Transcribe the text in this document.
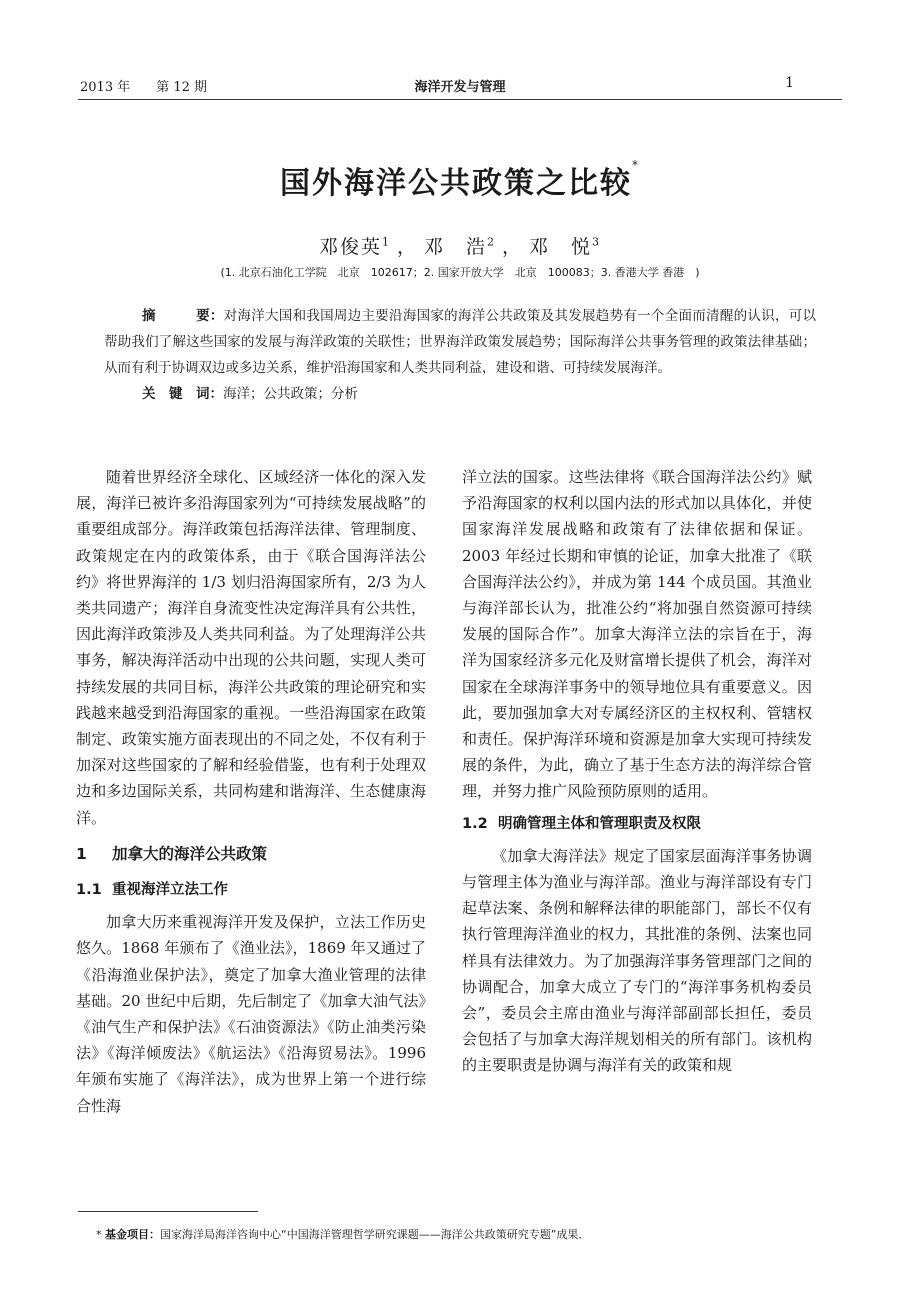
2013 年 第 12 期	海洋开发与管理	1
国外海洋公共政策之比较*
邓俊英$^1$ ， 邓　浩$^2$ ， 邓　悦$^3$
(1. 北京石油化工学院　北京　102617；2. 国家开放大学　北京　100083；3. 香港大学 香港　)
摘	要：对海洋大国和我国周边主要沿海国家的海洋公共政策及其发展趋势有一个全面而清醒的认识，可以帮助我们了解这些国家的发展与海洋政策的关联性；世界海洋政策发展趋势；国际海洋公共事务管理的政策法律基础；从而有利于协调双边或多边关系，维护沿海国家和人类共同利益，建设和谐、可持续发展海洋。
关　键　词：海洋；公共政策；分析

随着世界经济全球化、区域经济一体化的深入发展，海洋已被许多沿海国家列为“可持续发展战略”的重要组成部分。海洋政策包括海洋法律、管理制度、政策规定在内的政策体系，由于《联合国海洋法公约》将世界海洋的 1/3 划归沿海国家所有，2/3 为人类共同遗产；海洋自身流变性决定海洋具有公共性，因此海洋政策涉及人类共同利益。为了处理海洋公共事务，解决海洋活动中出现的公共问题，实现人类可持续发展的共同目标，海洋公共政策的理论研究和实践越来越受到沿海国家的重视。一些沿海国家在政策制定、政策实施方面表现出的不同之处，不仅有利于加深对这些国家的了解和经验借鉴，也有利于处理双边和多边国际关系，共同构建和谐海洋、生态健康海洋。

1 加拿大的海洋公共政策
1.1 重视海洋立法工作

加拿大历来重视海洋开发及保护，立法工作历史悠久。1868 年颁布了《渔业法》，1869 年又通过了《沿海渔业保护法》，奠定了加拿大渔业管理的法律基础。20 世纪中后期，先后制定了《加拿大油气法》《油气生产和保护法》《石油资源法》《防止油类污染法》《海洋倾废法》《航运法》《沿海贸易法》。1996 年颁布实施了《海洋法》，成为世界上第一个进行综合性海

洋立法的国家。这些法律将《联合国海洋法公约》赋予沿海国家的权利以国内法的形式加以具体化，并使国家海洋发展战略和政策有了法律依据和保证。2003 年经过长期和审慎的论证，加拿大批准了《联合国海洋法公约》，并成为第 144 个成员国。其渔业与海洋部长认为，批准公约“将加强自然资源可持续发展的国际合作”。加拿大海洋立法的宗旨在于，海洋为国家经济多元化及财富增长提供了机会，海洋对国家在全球海洋事务中的领导地位具有重要意义。因此，要加强加拿大对专属经济区的主权权利、管辖权和责任。保护海洋环境和资源是加拿大实现可持续发展的条件，为此，确立了基于生态方法的海洋综合管理，并努力推广风险预防原则的适用。

1.2 明确管理主体和管理职责及权限

《加拿大海洋法》规定了国家层面海洋事务协调与管理主体为渔业与海洋部。渔业与海洋部设有专门起草法案、条例和解释法律的职能部门，部长不仅有执行管理海洋渔业的权力，其批准的条例、法案也同样具有法律效力。为了加强海洋事务管理部门之间的协调配合，加拿大成立了专门的“海洋事务机构委员会”，委员会主席由渔业与海洋部副部长担任，委员会包括了与加拿大海洋规划相关的所有部门。该机构的主要职责是协调与海洋有关的政策和规

* 基金项目：国家海洋局海洋咨询中心“中国海洋管理哲学研究课题——海洋公共政策研究专题”成果．
